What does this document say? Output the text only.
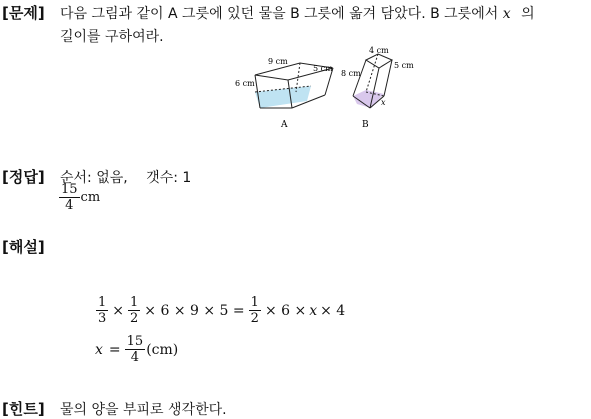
[문제] 다음 그림과 같이 A 그릇에 있던 물을 B 그릇에 옮겨 담았다. B 그릇에서 x 의
길이를 구하여라.
9 cm
6 cm
5 cm
A
4 cm
8 cm
5 cm
x
B
[정답] 순서: 없음, 갯수: 1
$\frac{15}{4}$ cm
[해설]
$\frac{1}{3} \times \frac{1}{2} \times 6 \times 9 \times 5 = \frac{1}{2} \times 6 \times x \times 4$
$x = \frac{15}{4} (cm)$
[힌트] 물의 양을 부피로 생각한다.
